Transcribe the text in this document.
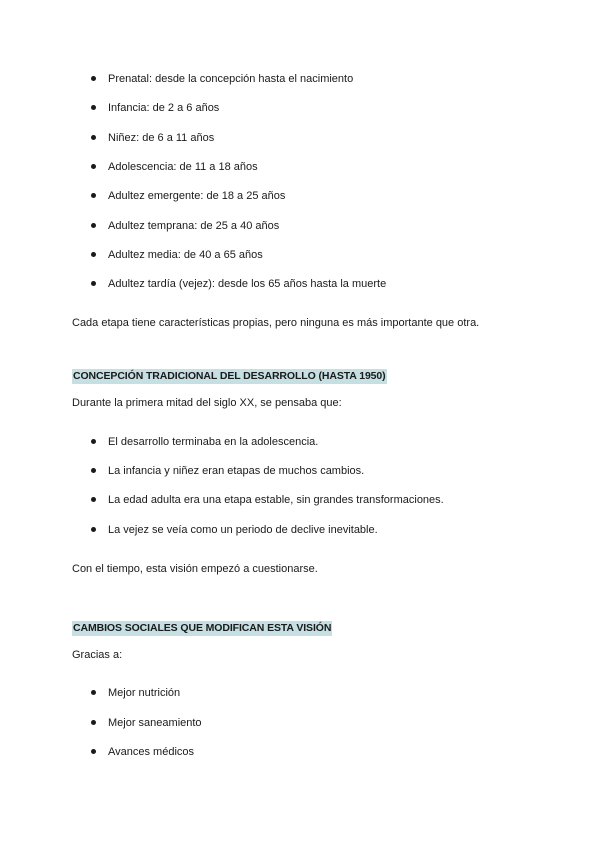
Prenatal: desde la concepción hasta el nacimiento
Infancia: de 2 a 6 años
Niñez: de 6 a 11 años
Adolescencia: de 11 a 18 años
Adultez emergente: de 18 a 25 años
Adultez temprana: de 25 a 40 años
Adultez media: de 40 a 65 años
Adultez tardía (vejez): desde los 65 años hasta la muerte

Cada etapa tiene características propias, pero ninguna es más importante que otra.

CONCEPCIÓN TRADICIONAL DEL DESARROLLO (HASTA 1950)

Durante la primera mitad del siglo XX, se pensaba que:

El desarrollo terminaba en la adolescencia.
La infancia y niñez eran etapas de muchos cambios.
La edad adulta era una etapa estable, sin grandes transformaciones.
La vejez se veía como un periodo de declive inevitable.

Con el tiempo, esta visión empezó a cuestionarse.

CAMBIOS SOCIALES QUE MODIFICAN ESTA VISIÓN

Gracias a:

Mejor nutrición
Mejor saneamiento
Avances médicos
